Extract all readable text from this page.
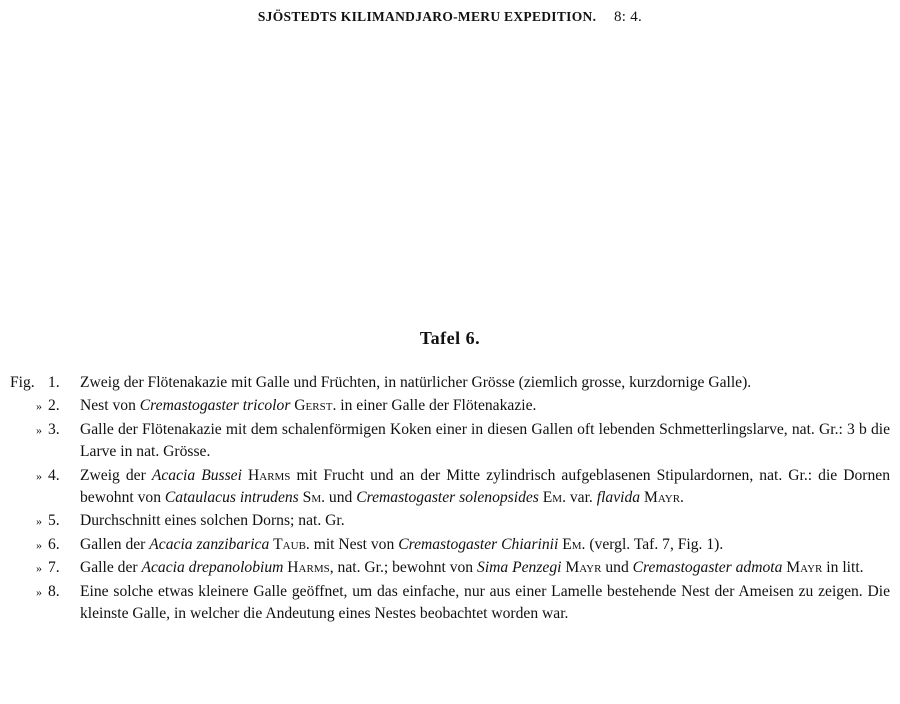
SJÖSTEDTS KILIMANDJARO-MERU EXPEDITION. 8: 4.
Tafel 6.
Fig. 1. Zweig der Flötenakazie mit Galle und Früchten, in natürlicher Grösse (ziemlich grosse, kurzdornige Galle).
» 2. Nest von Cremastogaster tricolor Gerst. in einer Galle der Flötenakazie.
» 3. Galle der Flötenakazie mit dem schalenförmigen Koken einer in diesen Gallen oft lebenden Schmetterlingslarve, nat. Gr.: 3 b die Larve in nat. Grösse.
» 4. Zweig der Acacia Bussei Harms mit Frucht und an der Mitte zylindrisch aufgeblasenen Stipulardornen, nat. Gr.: die Dornen bewohnt von Cataulacus intrudens Sm. und Cremastogaster solenopsides Em. var. flavida Mayr.
» 5. Durchschnitt eines solchen Dorns; nat. Gr.
» 6. Gallen der Acacia zanzibarica Taub. mit Nest von Cremastogaster Chiarinii Em. (vergl. Taf. 7, Fig. 1).
» 7. Galle der Acacia drepanolobium Harms, nat. Gr.; bewohnt von Sima Penzegi Mayr und Cremastogaster admota Mayr in litt.
» 8. Eine solche etwas kleinere Galle geöffnet, um das einfache, nur aus einer Lamelle bestehende Nest der Ameisen zu zeigen. Die kleinste Galle, in welcher die Andeutung eines Nestes beobachtet worden war.
